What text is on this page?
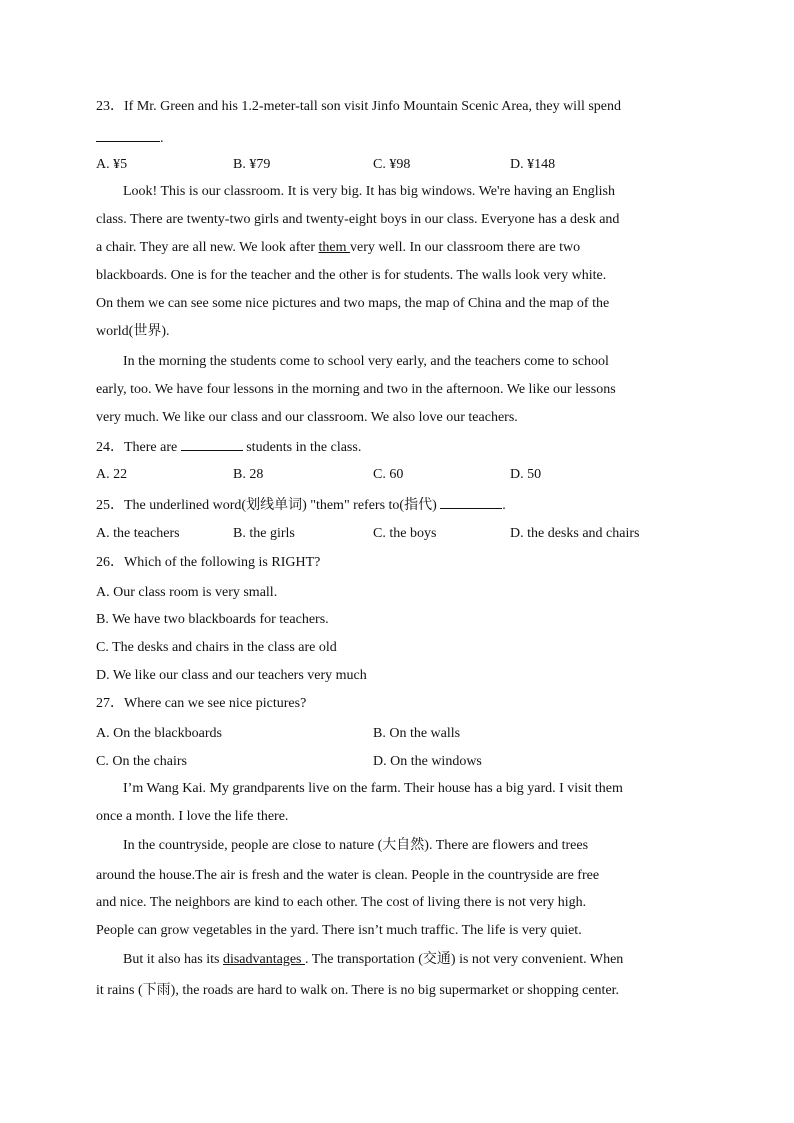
23．If Mr. Green and his 1.2-meter-tall son visit Jinfo Mountain Scenic Area, they will spend
.
A. ¥5	B. ¥79	C. ¥98	D. ¥148
Look! This is our classroom. It is very big. It has big windows. We're having an English
class. There are twenty-two girls and twenty-eight boys in our class. Everyone has a desk and
a chair. They are all new. We look after them very well. In our classroom there are two
blackboards. One is for the teacher and the other is for students. The walls look very white.
On them we can see some nice pictures and two maps, the map of China and the map of the
world(世界).
In the morning the students come to school very early, and the teachers come to school
early, too. We have four lessons in the morning and two in the afternoon. We like our lessons
very much. We like our class and our classroom. We also love our teachers.
24．There are	students in the class.
A. 22	B. 28	C. 60	D. 50
25．The underlined word(划线单词) "them" refers to(指代)	.
A. the teachers	B. the girls	C. the boys	D. the desks and chairs
26．Which of the following is RIGHT?
A. Our class room is very small.
B. We have two blackboards for teachers.
C. The desks and chairs in the class are old
D. We like our class and our teachers very much
27．Where can we see nice pictures?
A. On the blackboards	B. On the walls
C. On the chairs	D. On the windows
I’m Wang Kai. My grandparents live on the farm. Their house has a big yard. I visit them
once a month. I love the life there.
In the countryside, people are close to nature (大自然). There are flowers and trees
around the house.The air is fresh and the water is clean. People in the countryside are free
and nice. The neighbors are kind to each other. The cost of living there is not very high.
People can grow vegetables in the yard. There isn’t much traffic. The life is very quiet.
But it also has its disadvantages . The transportation (交通) is not very convenient. When
it rains (下雨), the roads are hard to walk on. There is no big supermarket or shopping center.
